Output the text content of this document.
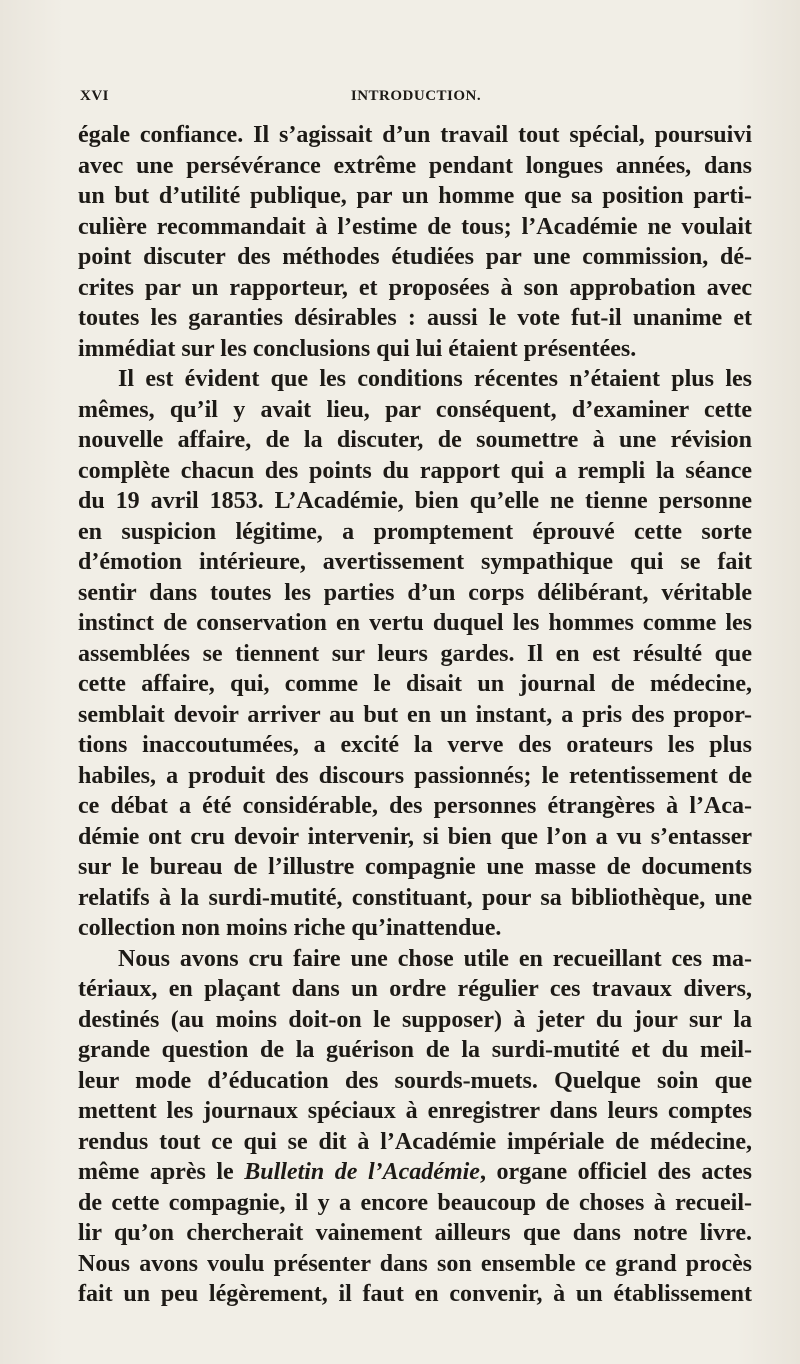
XVI	INTRODUCTION.
égale confiance. Il s’agissait d’un travail tout spécial, poursuivi
avec une persévérance extrême pendant longues années, dans
un but d’utilité publique, par un homme que sa position parti-
culière recommandait à l’estime de tous; l’Académie ne voulait
point discuter des méthodes étudiées par une commission, dé-
crites par un rapporteur, et proposées à son approbation avec
toutes les garanties désirables : aussi le vote fut-il unanime et
immédiat sur les conclusions qui lui étaient présentées.
Il est évident que les conditions récentes n’étaient plus les
mêmes, qu’il y avait lieu, par conséquent, d’examiner cette
nouvelle affaire, de la discuter, de soumettre à une révision
complète chacun des points du rapport qui a rempli la séance
du 19 avril 1853. L’Académie, bien qu’elle ne tienne personne
en suspicion légitime, a promptement éprouvé cette sorte
d’émotion intérieure, avertissement sympathique qui se fait
sentir dans toutes les parties d’un corps délibérant, véritable
instinct de conservation en vertu duquel les hommes comme les
assemblées se tiennent sur leurs gardes. Il en est résulté que
cette affaire, qui, comme le disait un journal de médecine,
semblait devoir arriver au but en un instant, a pris des propor-
tions inaccoutumées, a excité la verve des orateurs les plus
habiles, a produit des discours passionnés; le retentissement de
ce débat a été considérable, des personnes étrangères à l’Aca-
démie ont cru devoir intervenir, si bien que l’on a vu s’entasser
sur le bureau de l’illustre compagnie une masse de documents
relatifs à la surdi-mutité, constituant, pour sa bibliothèque, une
collection non moins riche qu’inattendue.
Nous avons cru faire une chose utile en recueillant ces ma-
tériaux, en plaçant dans un ordre régulier ces travaux divers,
destinés (au moins doit-on le supposer) à jeter du jour sur la
grande question de la guérison de la surdi-mutité et du meil-
leur mode d’éducation des sourds-muets. Quelque soin que
mettent les journaux spéciaux à enregistrer dans leurs comptes
rendus tout ce qui se dit à l’Académie impériale de médecine,
même après le Bulletin de l’Académie, organe officiel des actes
de cette compagnie, il y a encore beaucoup de choses à recueil-
lir qu’on chercherait vainement ailleurs que dans notre livre.
Nous avons voulu présenter dans son ensemble ce grand procès
fait un peu légèrement, il faut en convenir, à un établissement
